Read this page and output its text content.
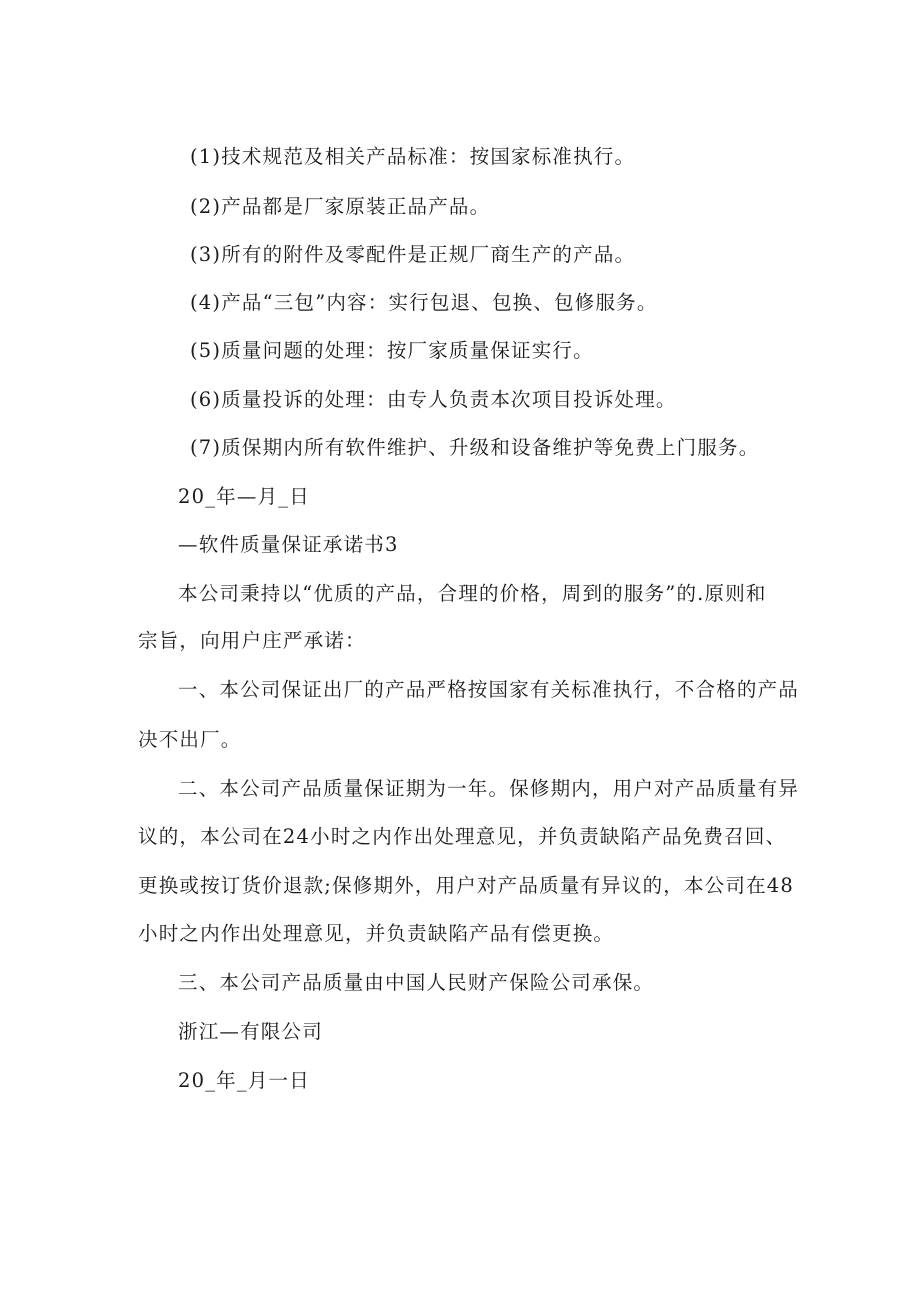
(1)技术规范及相关产品标准：按国家标准执行。
(2)产品都是厂家原装正品产品。
(3)所有的附件及零配件是正规厂商生产的产品。
(4)产品“三包”内容：实行包退、包换、包修服务。
(5)质量问题的处理：按厂家质量保证实行。
(6)质量投诉的处理：由专人负责本次项目投诉处理。
(7)质保期内所有软件维护、升级和设备维护等免费上门服务。
20_年—月_日
—软件质量保证承诺书3
本公司秉持以“优质的产品，合理的价格，周到的服务”的.原则和
宗旨，向用户庄严承诺：
一、本公司保证出厂的产品严格按国家有关标准执行，不合格的产品
决不出厂。
二、本公司产品质量保证期为一年。保修期内，用户对产品质量有异
议的，本公司在24小时之内作出处理意见，并负责缺陷产品免费召回、
更换或按订货价退款;保修期外，用户对产品质量有异议的，本公司在48
小时之内作出处理意见，并负责缺陷产品有偿更换。
三、本公司产品质量由中国人民财产保险公司承保。
浙江—有限公司
20_年_月一日
